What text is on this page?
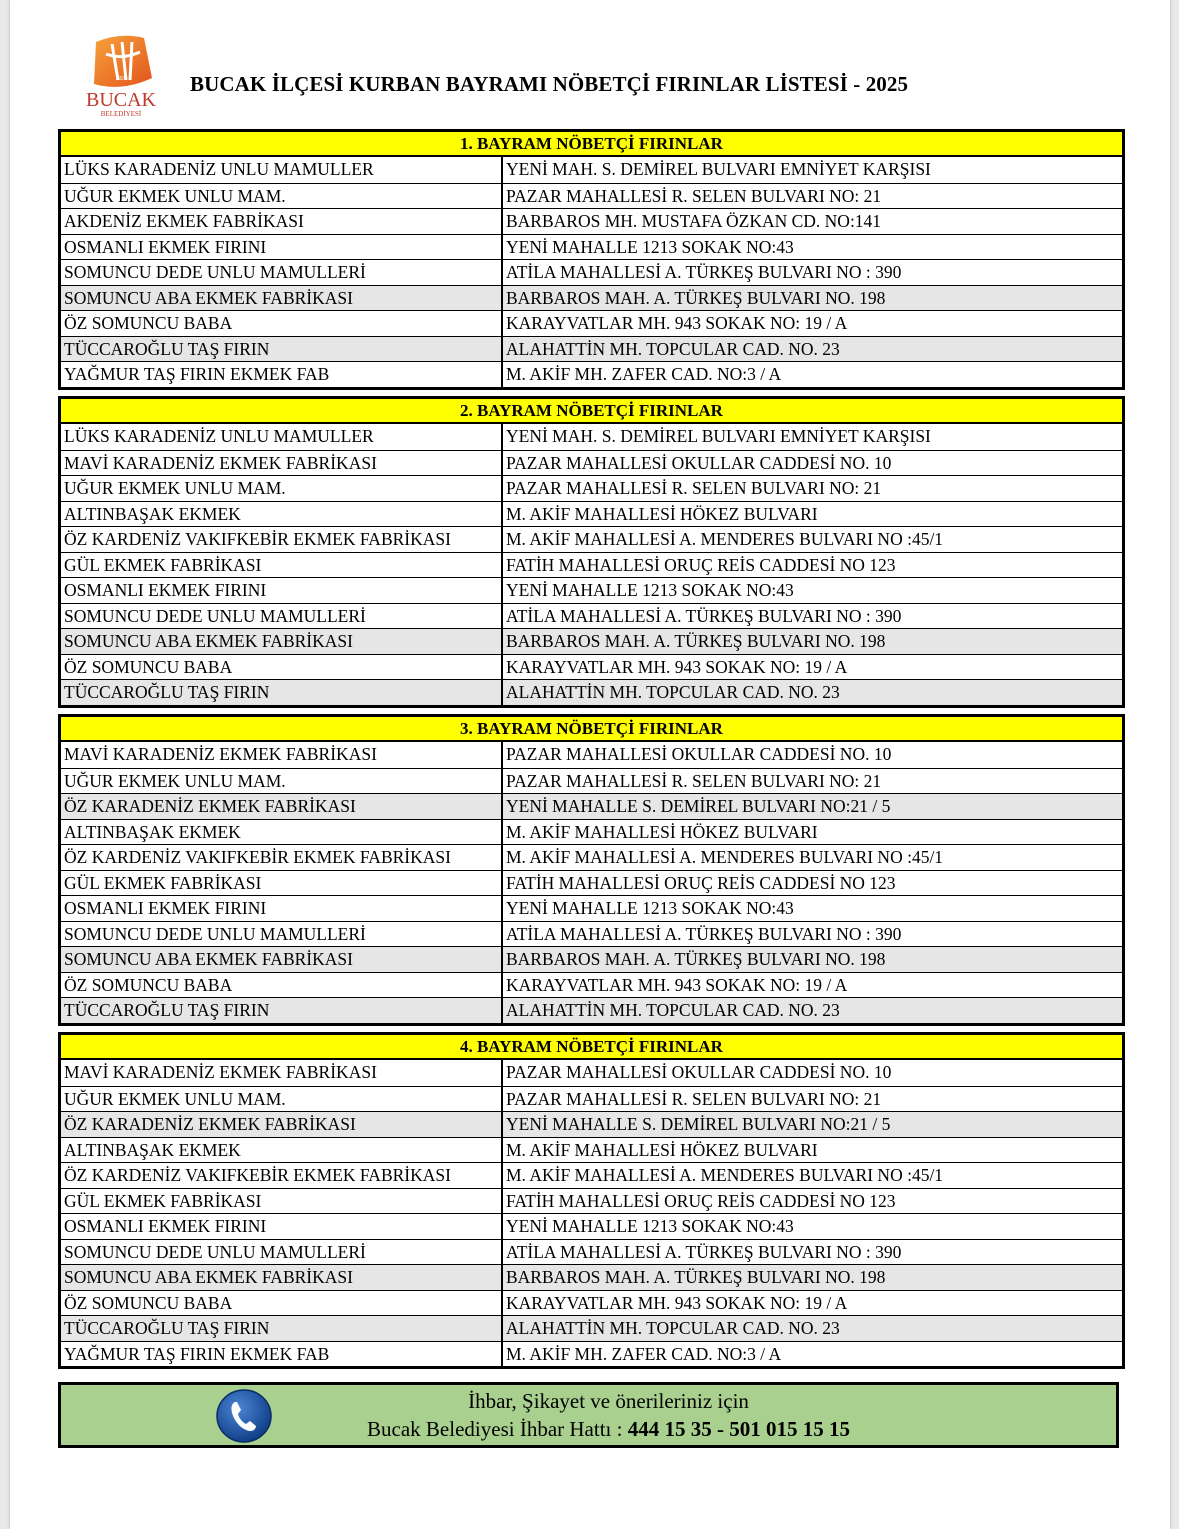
1928
BUCAK
BELEDİYESİ
BUCAK İLÇESİ KURBAN BAYRAMI NÖBETÇİ FIRINLAR LİSTESİ - 2025
1. BAYRAM NÖBETÇİ FIRINLAR
LÜKS KARADENİZ UNLU MAMULLER	YENİ MAH. S. DEMİREL BULVARI EMNİYET KARŞISI
UĞUR EKMEK UNLU MAM.	PAZAR MAHALLESİ R. SELEN BULVARI NO: 21
AKDENİZ EKMEK FABRİKASI	BARBAROS MH. MUSTAFA ÖZKAN CD. NO:141
OSMANLI EKMEK FIRINI	YENİ MAHALLE 1213 SOKAK NO:43
SOMUNCU DEDE UNLU MAMULLERİ	ATİLA MAHALLESİ A. TÜRKEŞ BULVARI NO : 390
SOMUNCU ABA EKMEK FABRİKASI	BARBAROS MAH. A. TÜRKEŞ BULVARI NO. 198
ÖZ SOMUNCU BABA	KARAYVATLAR MH. 943 SOKAK NO: 19 / A
TÜCCAROĞLU TAŞ FIRIN	ALAHATTİN MH. TOPCULAR CAD. NO. 23
YAĞMUR TAŞ FIRIN EKMEK FAB	M. AKİF MH. ZAFER CAD. NO:3 / A
2. BAYRAM NÖBETÇİ FIRINLAR
LÜKS KARADENİZ UNLU MAMULLER	YENİ MAH. S. DEMİREL BULVARI EMNİYET KARŞISI
MAVİ KARADENİZ EKMEK FABRİKASI	PAZAR MAHALLESİ OKULLAR CADDESİ NO. 10
UĞUR EKMEK UNLU MAM.	PAZAR MAHALLESİ R. SELEN BULVARI NO: 21
ALTINBAŞAK EKMEK	M. AKİF MAHALLESİ HÖKEZ BULVARI
ÖZ KARDENİZ VAKIFKEBİR EKMEK FABRİKASI	M. AKİF MAHALLESİ A. MENDERES BULVARI NO :45/1
GÜL EKMEK FABRİKASI	FATİH MAHALLESİ ORUÇ REİS CADDESİ NO 123
OSMANLI EKMEK FIRINI	YENİ MAHALLE 1213 SOKAK NO:43
SOMUNCU DEDE UNLU MAMULLERİ	ATİLA MAHALLESİ A. TÜRKEŞ BULVARI NO : 390
SOMUNCU ABA EKMEK FABRİKASI	BARBAROS MAH. A. TÜRKEŞ BULVARI NO. 198
ÖZ SOMUNCU BABA	KARAYVATLAR MH. 943 SOKAK NO: 19 / A
TÜCCAROĞLU TAŞ FIRIN	ALAHATTİN MH. TOPCULAR CAD. NO. 23
3. BAYRAM NÖBETÇİ FIRINLAR
MAVİ KARADENİZ EKMEK FABRİKASI	PAZAR MAHALLESİ OKULLAR CADDESİ NO. 10
UĞUR EKMEK UNLU MAM.	PAZAR MAHALLESİ R. SELEN BULVARI NO: 21
ÖZ KARADENİZ EKMEK FABRİKASI	YENİ MAHALLE S. DEMİREL BULVARI NO:21 / 5
ALTINBAŞAK EKMEK	M. AKİF MAHALLESİ HÖKEZ BULVARI
ÖZ KARDENİZ VAKIFKEBİR EKMEK FABRİKASI	M. AKİF MAHALLESİ A. MENDERES BULVARI NO :45/1
GÜL EKMEK FABRİKASI	FATİH MAHALLESİ ORUÇ REİS CADDESİ NO 123
OSMANLI EKMEK FIRINI	YENİ MAHALLE 1213 SOKAK NO:43
SOMUNCU DEDE UNLU MAMULLERİ	ATİLA MAHALLESİ A. TÜRKEŞ BULVARI NO : 390
SOMUNCU ABA EKMEK FABRİKASI	BARBAROS MAH. A. TÜRKEŞ BULVARI NO. 198
ÖZ SOMUNCU BABA	KARAYVATLAR MH. 943 SOKAK NO: 19 / A
TÜCCAROĞLU TAŞ FIRIN	ALAHATTİN MH. TOPCULAR CAD. NO. 23
4. BAYRAM NÖBETÇİ FIRINLAR
MAVİ KARADENİZ EKMEK FABRİKASI	PAZAR MAHALLESİ OKULLAR CADDESİ NO. 10
UĞUR EKMEK UNLU MAM.	PAZAR MAHALLESİ R. SELEN BULVARI NO: 21
ÖZ KARADENİZ EKMEK FABRİKASI	YENİ MAHALLE S. DEMİREL BULVARI NO:21 / 5
ALTINBAŞAK EKMEK	M. AKİF MAHALLESİ HÖKEZ BULVARI
ÖZ KARDENİZ VAKIFKEBİR EKMEK FABRİKASI	M. AKİF MAHALLESİ A. MENDERES BULVARI NO :45/1
GÜL EKMEK FABRİKASI	FATİH MAHALLESİ ORUÇ REİS CADDESİ NO 123
OSMANLI EKMEK FIRINI	YENİ MAHALLE 1213 SOKAK NO:43
SOMUNCU DEDE UNLU MAMULLERİ	ATİLA MAHALLESİ A. TÜRKEŞ BULVARI NO : 390
SOMUNCU ABA EKMEK FABRİKASI	BARBAROS MAH. A. TÜRKEŞ BULVARI NO. 198
ÖZ SOMUNCU BABA	KARAYVATLAR MH. 943 SOKAK NO: 19 / A
TÜCCAROĞLU TAŞ FIRIN	ALAHATTİN MH. TOPCULAR CAD. NO. 23
YAĞMUR TAŞ FIRIN EKMEK FAB	M. AKİF MH. ZAFER CAD. NO:3 / A
İhbar, Şikayet ve önerileriniz için
Bucak Belediyesi İhbar Hattı : 444 15 35 - 501 015 15 15
